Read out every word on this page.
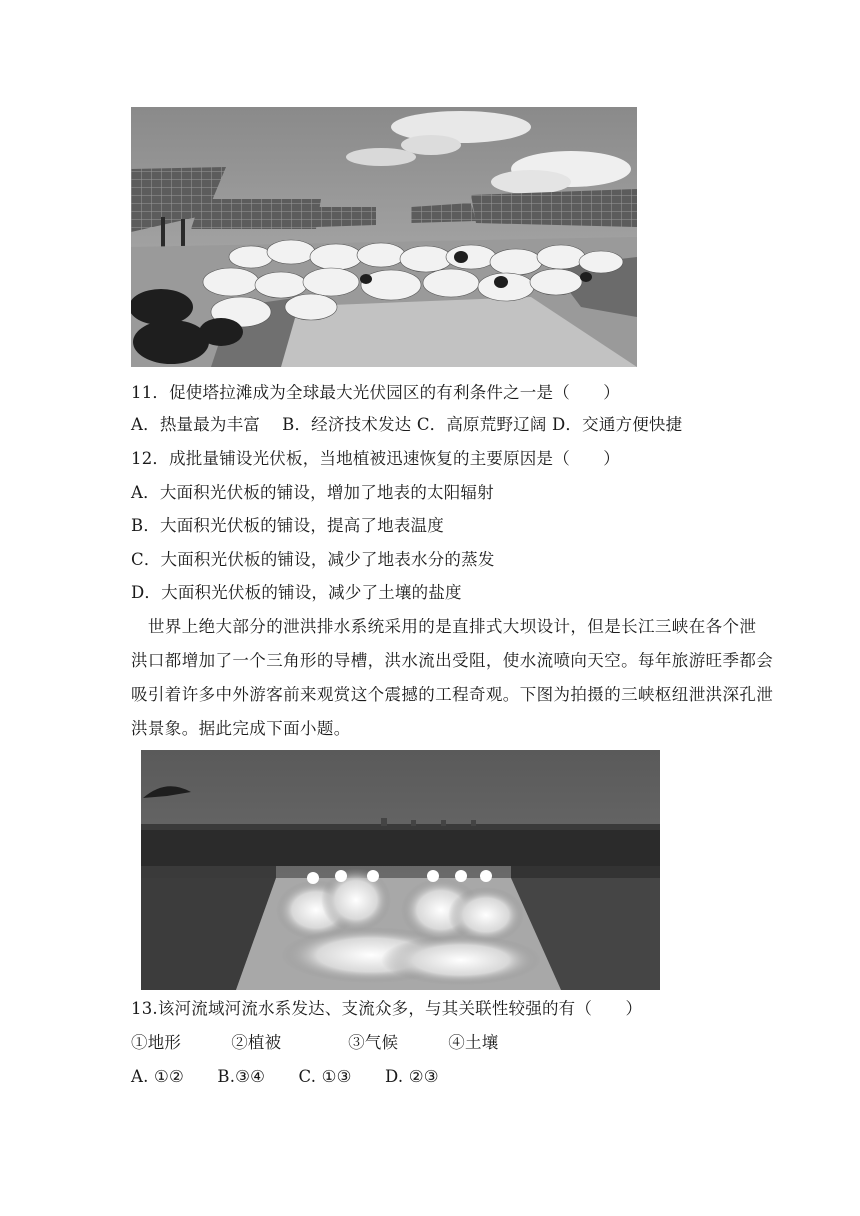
11．促使塔拉滩成为全球最大光伏园区的有利条件之一是（　　）
A．热量最为丰富　 B．经济技术发达 C．高原荒野辽阔 D．交通方便快捷
12．成批量铺设光伏板，当地植被迅速恢复的主要原因是（　　）
A．大面积光伏板的铺设，增加了地表的太阳辐射
B．大面积光伏板的铺设，提高了地表温度
C．大面积光伏板的铺设，减少了地表水分的蒸发
D．大面积光伏板的铺设，减少了土壤的盐度
　世界上绝大部分的泄洪排水系统采用的是直排式大坝设计，但是长江三峡在各个泄
洪口都增加了一个三角形的导槽，洪水流出受阻，使水流喷向天空。每年旅游旺季都会
吸引着许多中外游客前来观赏这个震撼的工程奇观。下图为拍摄的三峡枢纽泄洪深孔泄
洪景象。据此完成下面小题。
13.该河流域河流水系发达、支流众多，与其关联性较强的有（　　）
①地形　　　②植被　　　　③气候　　　④土壤
A. ①②　　B.③④　　C. ①③　　D. ②③
